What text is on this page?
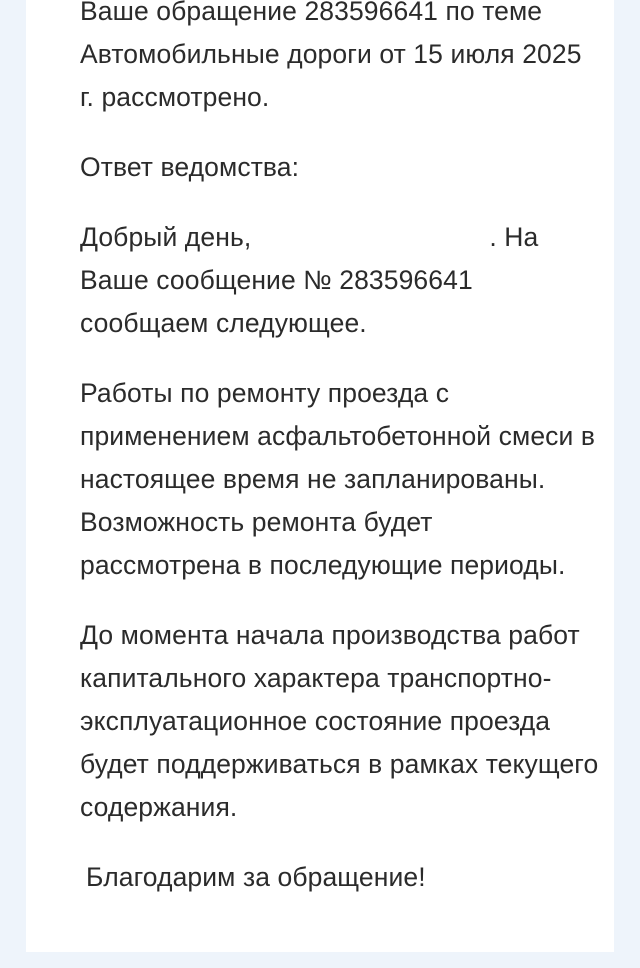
Ваше обращение 283596641 по теме Автомобильные дороги от 15 июля 2025 г. рассмотрено.

Ответ ведомства:

Добрый день,	. На Ваше сообщение № 283596641 сообщаем следующее.

Работы по ремонту проезда с применением асфальтобетонной смеси в настоящее время не запланированы. Возможность ремонта будет рассмотрена в последующие периоды.

До момента начала производства работ капитального характера транспортно-эксплуатационное состояние проезда будет поддерживаться в рамках текущего содержания.

Благодарим за обращение!
